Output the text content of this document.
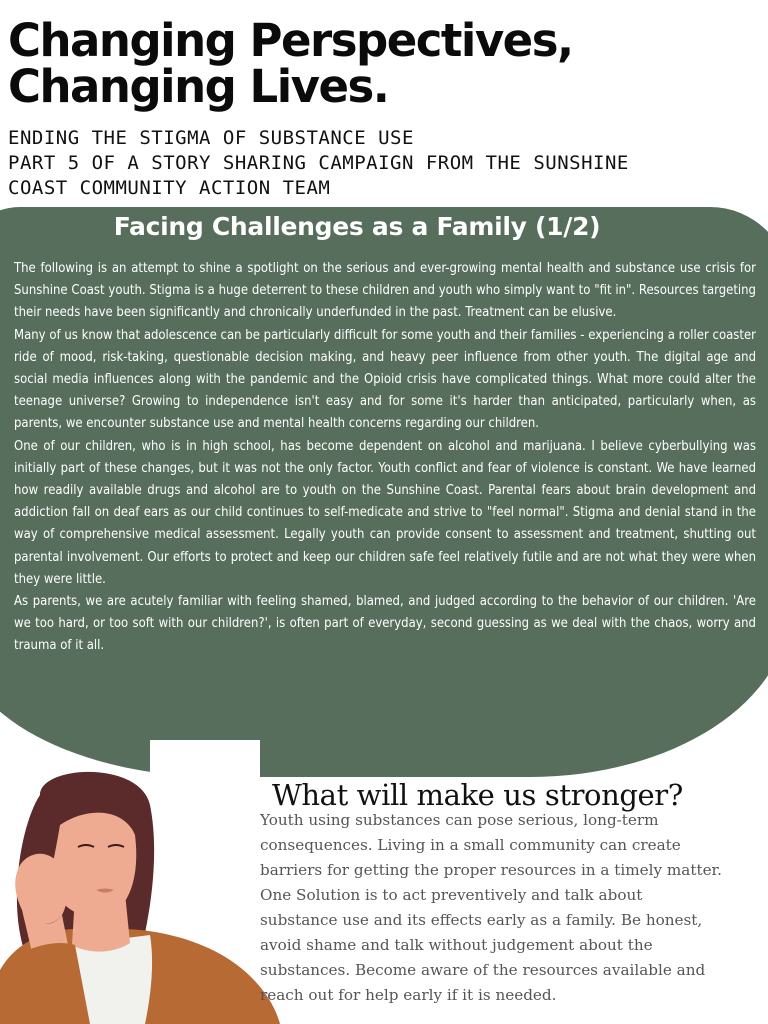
Changing Perspectives,
Changing Lives.
ENDING THE STIGMA OF SUBSTANCE USE
PART 5 OF A STORY SHARING CAMPAIGN FROM THE SUNSHINE
COAST COMMUNITY ACTION TEAM
Facing Challenges as a Family (1/2)

The following is an attempt to shine a spotlight on the serious and ever-growing mental health and substance use crisis for Sunshine Coast youth. Stigma is a huge deterrent to these children and youth who simply want to "fit in". Resources targeting their needs have been significantly and chronically underfunded in the past. Treatment can be elusive.

Many of us know that adolescence can be particularly difficult for some youth and their families - experiencing a roller coaster ride of mood, risk-taking, questionable decision making, and heavy peer influence from other youth. The digital age and social media influences along with the pandemic and the Opioid crisis have complicated things. What more could alter the teenage universe? Growing to independence isn't easy and for some it's harder than anticipated, particularly when, as parents, we encounter substance use and mental health concerns regarding our children.

One of our children, who is in high school, has become dependent on alcohol and marijuana. I believe cyberbullying was initially part of these changes, but it was not the only factor. Youth conflict and fear of violence is constant. We have learned how readily available drugs and alcohol are to youth on the Sunshine Coast. Parental fears about brain development and addiction fall on deaf ears as our child continues to self-medicate and strive to "feel normal". Stigma and denial stand in the way of comprehensive medical assessment. Legally youth can provide consent to assessment and treatment, shutting out parental involvement. Our efforts to protect and keep our children safe feel relatively futile and are not what they were when they were little.

As parents, we are acutely familiar with feeling shamed, blamed, and judged according to the behavior of our children. 'Are we too hard, or too soft with our children?', is often part of everyday, second guessing as we deal with the chaos, worry and trauma of it all.

What will make us stronger?
Youth using substances can pose serious, long-term
consequences. Living in a small community can create
barriers for getting the proper resources in a timely matter.
One Solution is to act preventively and talk about
substance use and its effects early as a family. Be honest,
avoid shame and talk without judgement about the
substances. Become aware of the resources available and
reach out for help early if it is needed.
